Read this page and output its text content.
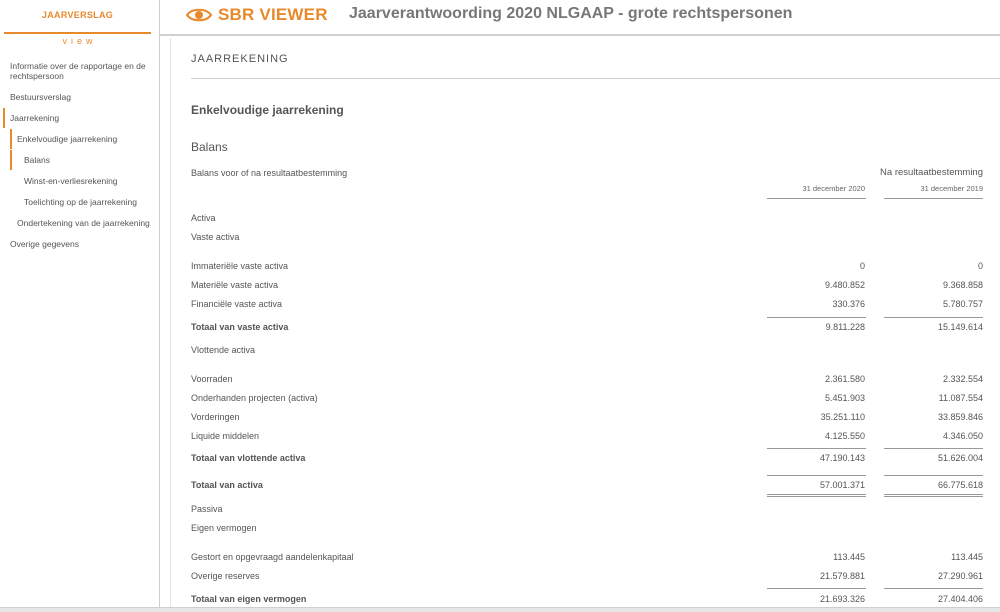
JAARVERSLAG
view
Informatie over de rapportage en de rechtspersoon
Bestuursverslag
Jaarrekening
Enkelvoudige jaarrekening
Balans
Winst-en-verliesrekening
Toelichting op de jaarrekening
Ondertekening van de jaarrekening
Overige gegevens
SBR VIEWER Jaarverantwoording 2020 NLGAAP - grote rechtspersonen
JAARREKENING
Enkelvoudige jaarrekening
Balans
Balans voor of na resultaatbestemming	Na resultaatbestemming
31 december 2020	31 december 2019
Activa
Vaste activa
Immateriële vaste activa	0	0
Materiële vaste activa	9.480.852	9.368.858
Financiële vaste activa	330.376	5.780.757
Totaal van vaste activa	9.811.228	15.149.614
Vlottende activa
Voorraden	2.361.580	2.332.554
Onderhanden projecten (activa)	5.451.903	11.087.554
Vorderingen	35.251.110	33.859.846
Liquide middelen	4.125.550	4.346.050
Totaal van vlottende activa	47.190.143	51.626.004
Totaal van activa	57.001.371	66.775.618
Passiva
Eigen vermogen
Gestort en opgevraagd aandelenkapitaal	113.445	113.445
Overige reserves	21.579.881	27.290.961
Totaal van eigen vermogen	21.693.326	27.404.406
